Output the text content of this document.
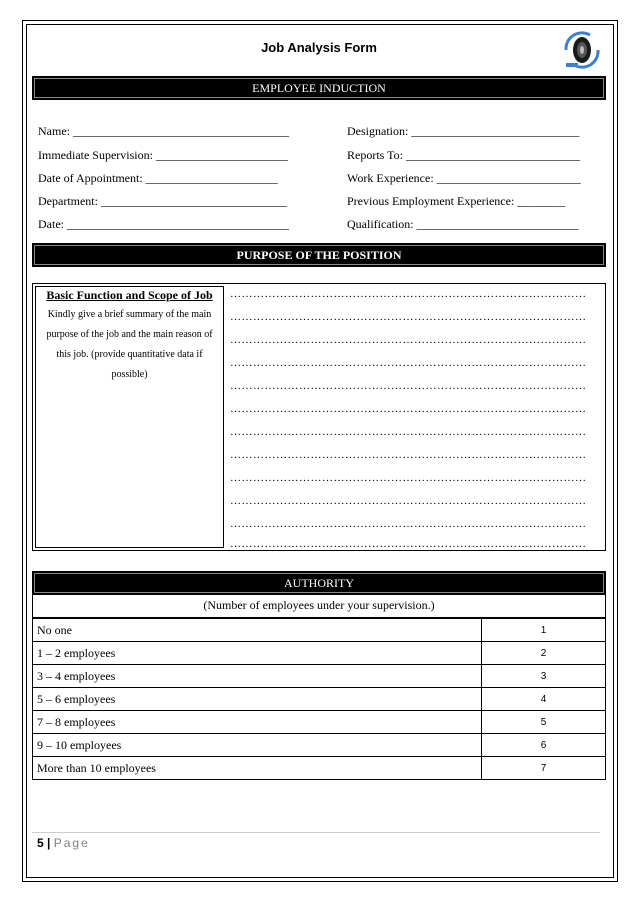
Job Analysis Form
EMPLOYEE INDUCTION
Name: ____________________________________
Immediate Supervision: ______________________
Date of Appointment: ______________________
Department: _______________________________
Date: _____________________________________
Designation: ____________________________
Reports To: _____________________________
Work Experience: ________________________
Previous Employment Experience: ________
Qualification: ___________________________
PURPOSE OF THE POSITION
Basic Function and Scope of Job
Kindly give a brief summary of the main purpose of the job and the main reason of this job. (provide quantitative data if possible)
…………………………………………………………………………………
…………………………………………………………………………………
…………………………………………………………………………………
…………………………………………………………………………………
…………………………………………………………………………………
…………………………………………………………………………………
…………………………………………………………………………………
…………………………………………………………………………………
…………………………………………………………………………………
…………………………………………………………………………………
…………………………………………………………………………………
…………………………………………………………………………………
AUTHORITY
(Number of employees under your supervision.)
No one	1
1 – 2 employees	2
3 – 4 employees	3
5 – 6 employees	4
7 – 8 employees	5
9 – 10 employees	6
More than 10 employees	7
5 | Page
